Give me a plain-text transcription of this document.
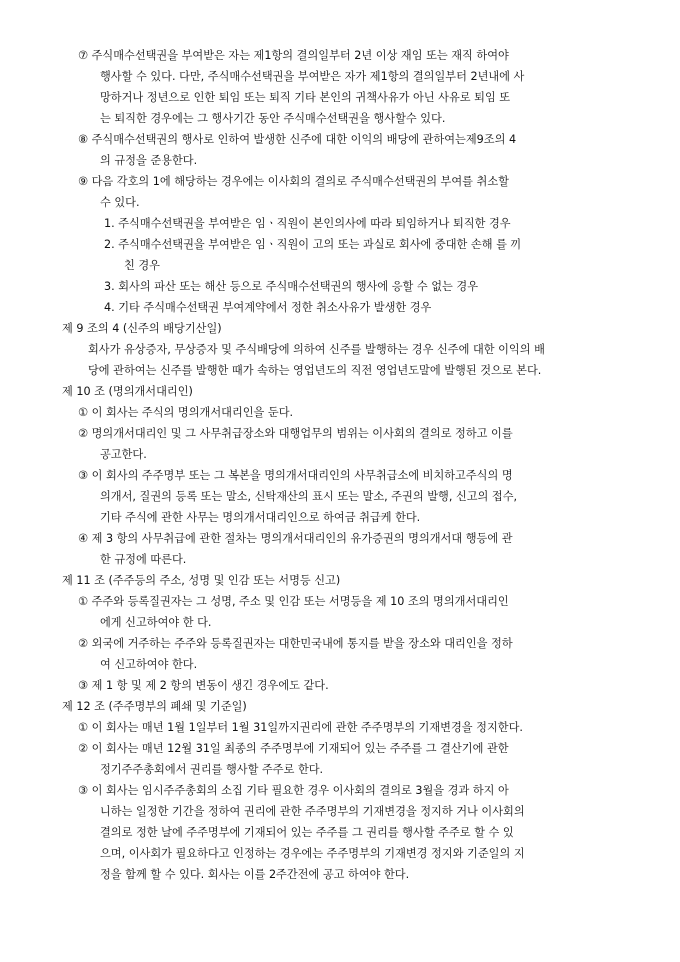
⑦ 주식매수선택권을 부여받은 자는 제1항의 결의일부터 2년 이상 재임 또는 재직 하여야
행사할 수 있다. 다만, 주식매수선택권을 부여받은 자가 제1항의 결의일부터 2년내에 사
망하거나 정년으로 인한 퇴임 또는 퇴직 기타 본인의 귀책사유가 아닌 사유로 퇴임 또
는 퇴직한 경우에는 그 행사기간 동안 주식매수선택권을 행사할수 있다.
⑧ 주식매수선택권의 행사로 인하여 발생한 신주에 대한 이익의 배당에 관하여는제9조의 4
의 규정을 준용한다.
⑨ 다음 각호의 1에 해당하는 경우에는 이사회의 결의로 주식매수선택권의 부여를 취소할
수 있다.
1. 주식매수선택권을 부여받은 임ㆍ직원이 본인의사에 따라 퇴임하거나 퇴직한 경우
2. 주식매수선택권을 부여받은 임ㆍ직원이 고의 또는 과실로 회사에 중대한 손해 를 끼
친 경우
3. 회사의 파산 또는 해산 등으로 주식매수선택권의 행사에 응할 수 없는 경우
4. 기타 주식매수선택권 부여계약에서 정한 취소사유가 발생한 경우
제 9 조의 4 (신주의 배당기산일)
회사가 유상증자, 무상증자 및 주식배당에 의하여 신주를 발행하는 경우 신주에 대한 이익의 배
당에 관하여는 신주를 발행한 때가 속하는 영업년도의 직전 영업년도말에 발행된 것으로 본다.
제 10 조 (명의개서대리인)
① 이 회사는 주식의 명의개서대리인을 둔다.
② 명의개서대리인 및 그 사무취급장소와 대행업무의 범위는 이사회의 결의로 정하고 이를
공고한다.
③ 이 회사의 주주명부 또는 그 복본을 명의개서대리인의 사무취급소에 비치하고주식의 명
의개서, 질권의 등록 또는 말소, 신탁재산의 표시 또는 말소, 주권의 발행, 신고의 접수,
기타 주식에 관한 사무는 명의개서대리인으로 하여금 취급케 한다.
④ 제 3 항의 사무취급에 관한 절차는 명의개서대리인의 유가증권의 명의개서대 행등에 관
한 규정에 따른다.
제 11 조 (주주등의 주소, 성명 및 인감 또는 서명등 신고)
① 주주와 등록질권자는 그 성명, 주소 및 인감 또는 서명등을 제 10 조의 명의개서대리인
에게 신고하여야 한 다.
② 외국에 거주하는 주주와 등록질권자는 대한민국내에 통지를 받을 장소와 대리인을 정하
여 신고하여야 한다.
③ 제 1 항 및 제 2 항의 변동이 생긴 경우에도 같다.
제 12 조 (주주명부의 폐쇄 및 기준일)
① 이 회사는 매년 1월 1일부터 1월 31일까지권리에 관한 주주명부의 기재변경을 정지한다.
② 이 회사는 매년 12월 31일 최종의 주주명부에 기재되어 있는 주주를 그 결산기에 관한
정기주주총회에서 권리를 행사할 주주로 한다.
③ 이 회사는 임시주주총회의 소집 기타 필요한 경우 이사회의 결의로 3월을 경과 하지 아
니하는 일정한 기간을 정하여 권리에 관한 주주명부의 기재변경을 정지하 거나 이사회의
결의로 정한 날에 주주명부에 기재되어 있는 주주를 그 권리를 행사할 주주로 할 수 있
으며, 이사회가 필요하다고 인정하는 경우에는 주주명부의 기재변경 정지와 기준일의 지
정을 함께 할 수 있다. 회사는 이를 2주간전에 공고 하여야 한다.
